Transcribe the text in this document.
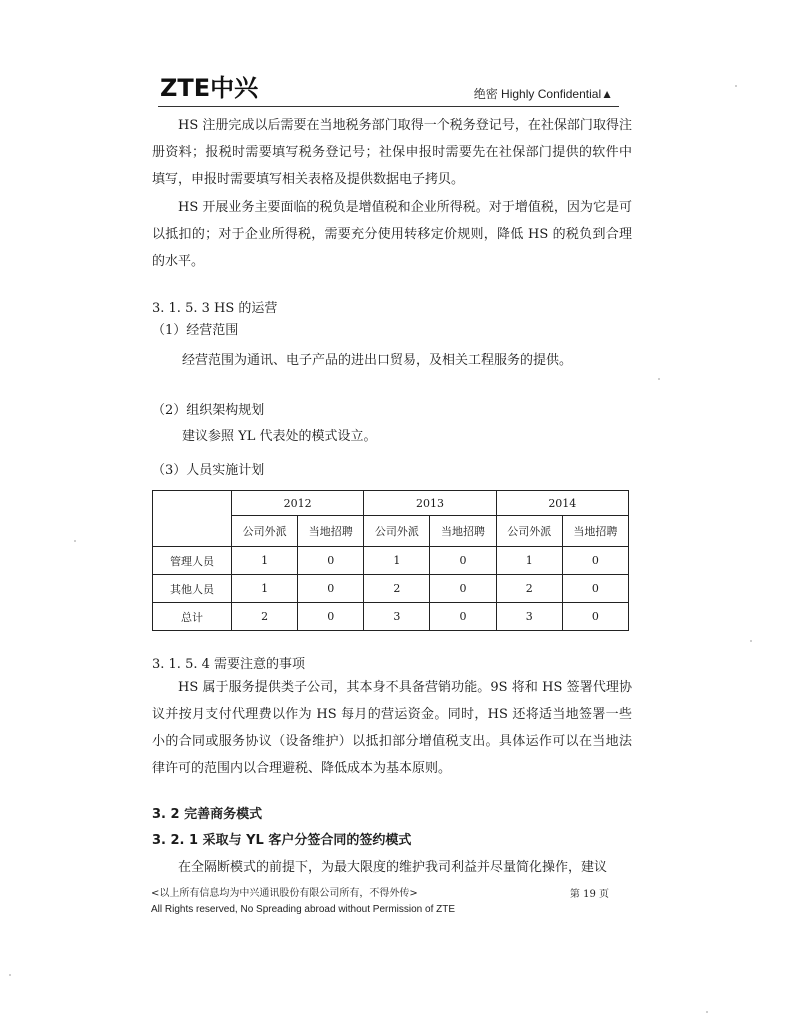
ZTE中兴	绝密 Highly Confidential▲

HS 注册完成以后需要在当地税务部门取得一个税务登记号，在社保部门取得注册资料；报税时需要填写税务登记号；社保申报时需要先在社保部门提供的软件中填写，申报时需要填写相关表格及提供数据电子拷贝。

HS 开展业务主要面临的税负是增值税和企业所得税。对于增值税，因为它是可以抵扣的；对于企业所得税，需要充分使用转移定价规则，降低 HS 的税负到合理的水平。

3. 1. 5. 3 HS 的运营
（1）经营范围
经营范围为通讯、电子产品的进出口贸易，及相关工程服务的提供。
（2）组织架构规划
建议参照 YL 代表处的模式设立。
（3）人员实施计划
	2012		2013		2014	
	公司外派	当地招聘	公司外派	当地招聘	公司外派	当地招聘
管理人员	1	0	1	0	1	0
其他人员	1	0	2	0	2	0
总计	2	0	3	0	3	0
3. 1. 5. 4 需要注意的事项

HS 属于服务提供类子公司，其本身不具备营销功能。9S 将和 HS 签署代理协议并按月支付代理费以作为 HS 每月的营运资金。同时，HS 还将适当地签署一些小的合同或服务协议（设备维护）以抵扣部分增值税支出。具体运作可以在当地法律许可的范围内以合理避税、降低成本为基本原则。

3. 2 完善商务模式
3. 2. 1 采取与 YL 客户分签合同的签约模式

在全隔断模式的前提下，为最大限度的维护我司利益并尽量简化操作，建议

<以上所有信息均为中兴通讯股份有限公司所有，不得外传>	第 19 页
All Rights reserved, No Spreading abroad without Permission of ZTE
